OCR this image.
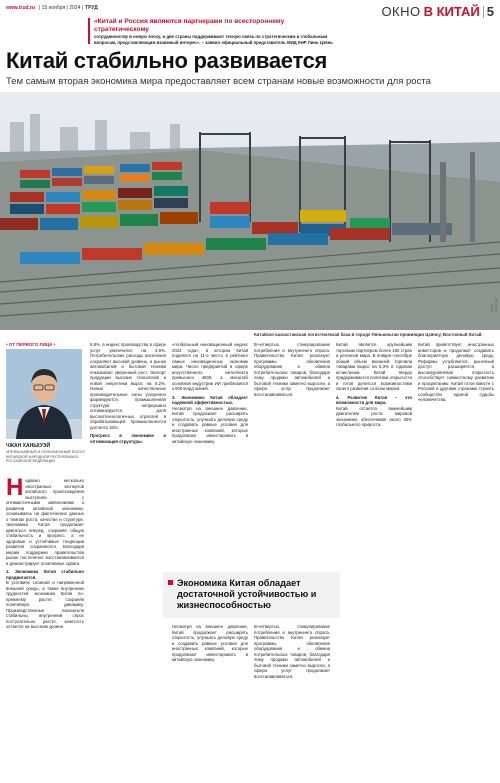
www.trud.ru | 15 ноября | 2024 | ТРУД	ОКНО В КИТАЙ 5
«Китай и Россия являются партнерами по всестороннему стратегическому
сотрудничеству в новую эпоху, и две страны поддерживают тесную связь по стратегическим и глобальным вопросам, представляющим взаимный интерес». – заявил официальный представитель МИД КНР Линь Цзянь
Китай стабильно развивается
Тем самым вторая экономика мира предоставляет всем странам новые возможности для роста
Китайско-казахстанская логистическая база в городе Ляньюньган провинции Цзянсу, Восточный Китай.
Фото: Синьхуа
• ОТ ПЕРВОГО ЛИЦА •
ЧЖАН ХАНЬХУЭЙ
ЧРЕЗВЫЧАЙНЫЙ И ПОЛНОМОЧНЫЙ ПОСОЛ КИТАЙСКОЙ НАРОДНОЙ РЕСПУБЛИКИ В РОССИЙСКОЙ ФЕДЕРАЦИИ
Н едавно несколько иностранных экспертов китайского происхождения выступили с оптимистичными заявлениями о развитии китайской экономики, основываясь на фактических данных о темпах роста, качестве и структуре. Экономика Китая продолжает двигаться вперед, сохраняя общую стабильность и прогресс, а ее здоровые и устойчивые тенденции развития сохраняются. Благодаря мерам поддержки правительства рынок постепенно восстанавливается и демонстрирует позитивные сдвиги.
1. Экономика Китая стабильно продвигается.
В условиях сложной и напряженной внешней среды, а также внутренних трудностей экономика Китая по-прежнему растет, сохраняя позитивную динамику. Производственные показатели стабильны, внутренний спрос поступательно растет, занятость остается на высоком уровне.
5,8%, а индекс производства в сфере услуг увеличился на 4,9%. Потребительские расходы населения сохраняют высокий уровень, а рынок автомобилей и бытовой техники показывает уверенный рост. Экспорт продукции высоких технологий и новой энергетики вырос на 6,2%. Новые качественные производительные силы ускоренно формируются, промышленная структура непрерывно оптимизируется, доля высокотехнологичных отраслей в обрабатывающей промышленности достигла 16%.
Прогресс в экономике и оптимизация структуры.
«глобальный инновационный индекс 2024 года», в котором Китай поднялся на 11-е место в рейтинге самых инновационных экономик мира. Число предприятий в сфере искусственного интеллекта превысило 4500, а масштаб основной индустрии ИИ приблизился к 600 млрд юаней.
3. Экономика Китая обладает надежной эффективностью.
Несмотря на внешнее давление, Китай продолжает расширять открытость, улучшать деловую среду и создавать равные условия для иностранных компаний, которые продолжают инвестировать в китайскую экономику.
В-четвертых, стимулирование потребления и внутреннего спроса. Правительство Китая реализует программы обновления оборудования и обмена потребительских товаров, благодаря чему продажи автомобилей и бытовой техники заметно выросли, а сфера услуг продолжает восстанавливаться.
Китай является крупнейшим торговым партнером более 150 стран и регионов мира. В январе–сентябре общий объем внешней торговли товарами вырос на 5,3% в годовом исчислении. Китай твердо придерживается политики открытости и готов делиться возможностями своего развития со всем миром.
4. Развитие Китая – это возможности для мира.
Китай остается важнейшим двигателем роста мировой экономики, обеспечивая около 30% глобального прироста.
Китай приветствует иностранных инвесторов и продолжит создавать благоприятную деловую среду. Реформы углубляются, рыночный доступ расширяется, а высокоуровневая открытость способствует совместному развитию и процветанию. Китай готов вместе с Россией и другими странами строить сообщество единой судьбы человечества.
Экономика Китая обладает достаточной устойчивостью и жизнеспособностью
Несмотря на внешнее давление, Китай продолжает расширять открытость, улучшать деловую среду и создавать равные условия для иностранных компаний, которые продолжают инвестировать в китайскую экономику.
В-четвертых, стимулирование потребления и внутреннего спроса. Правительство Китая реализует программы обновления оборудования и обмена потребительских товаров, благодаря чему продажи автомобилей и бытовой техники заметно выросли, а сфера услуг продолжает восстанавливаться.
